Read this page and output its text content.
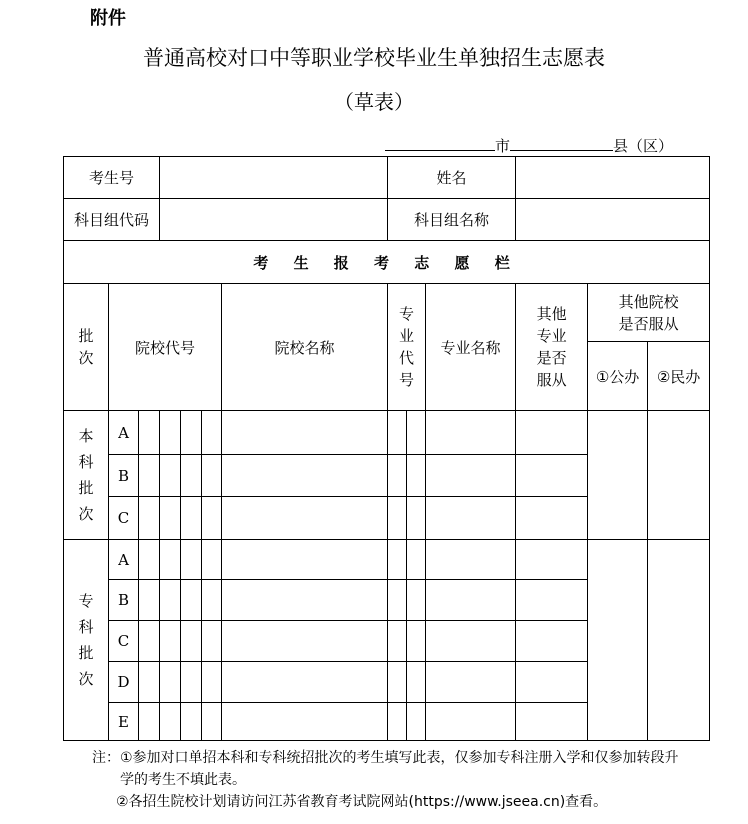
附件
普通高校对口中等职业学校毕业生单独招生志愿表
（草表）
市	县（区）
考生号							姓名					
科目组代码							科目组名称					
考 生 报 考 志 愿 栏												

批次	院校代号					院校名称	专业代号		专业名称	其他专业是否服从	其他院校是否服从	

											①公办	②民办

本科批次	A											
	B											
	C											

专科批次	A											
	B											
	C											
	D											
	E											
注：①参加对口单招本科和专科统招批次的考生填写此表，仅参加专科注册入学和仅参加转段升
学的考生不填此表。
②各招生院校计划请访问江苏省教育考试院网站(https://www.jseea.cn)查看。
